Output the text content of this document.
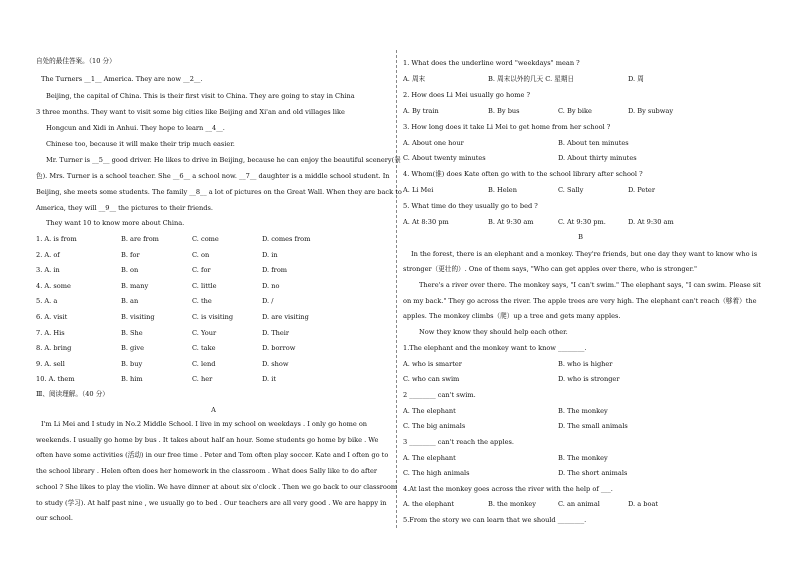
自处的最佳答案。（10 分）
The Turners __1__ America. They are now __2__.
Beijing, the capital of China. This is their first visit to China. They are going to stay in China
3 three months. They want to visit some big cities like Beijing and Xi'an and old villages like
Hongcun and Xidi in Anhui. They hope to learn __4__.
Chinese too, because it will make their trip much easier.
Mr. Turner is __5__ good driver. He likes to drive in Beijing, because he can enjoy the beautiful scenery(景
色). Mrs. Turner is a school teacher. She __6__ a school now. __7__ daughter is a middle school student. In
Beijing, she meets some students. The family __8__ a lot of pictures on the Great Wall. When they are back to
America, they will __9__ the pictures to their friends.
They want 10 to know more about China.
1. A. is from	B. are from	C. come	D. comes from
2. A. of	B. for	C. on	D. in
3. A. in	B. on	C. for	D. from
4. A. some	B. many	C. little	D. no
5. A. a	B. an	C. the	D. /
6. A. visit	B. visiting	C. is visiting	D. are visiting
7. A. His	B. She	C. Your	D. Their
8. A. bring	B. give	C. take	D. borrow
9. A. sell	B. buy	C. lend	D. show
10. A. them	B. him	C. her	D. it
Ⅲ、阅读理解。（40 分）
A
I'm Li Mei and I study in No.2 Middle School. I live in my school on weekdays . I only go home on
weekends. I usually go home by bus . It takes about half an hour. Some students go home by bike . We
often have some activities (活动) in our free time . Peter and Tom often play soccer. Kate and I often go to
the school library . Helen often does her homework in the classroom . What does Sally like to do after
school ? She likes to play the violin. We have dinner at about six o'clock . Then we go back to our classroom
to study (学习). At half past nine , we usually go to bed . Our teachers are all very good . We are happy in
our school.
1. What does the underline word "weekdays" mean ?
A. 周末	B. 周末以外的几天 C. 星期日	D. 周
2. How does Li Mei usually go home ?
A. By train	B. By bus	C. By bike	D. By subway
3. How long does it take Li Mei to get home from her school ?
A. About one hour	B. About ten minutes
C. About twenty minutes	D. About thirty minutes
4. Whom(谁) does Kate often go with to the school library after school ?
A. Li Mei	B. Helen	C. Sally	D. Peter
5. What time do they usually go to bed ?
A. At 8:30 pm	B. At 9:30 am	C. At 9:30 pm.	D. At 9:30 am
B
In the forest, there is an elephant and a monkey. They're friends, but one day they want to know who is
stronger（更壮的）. One of them says, "Who can get apples over there, who is stronger."
There's a river over there. The monkey says, "I can't swim." The elephant says, "I can swim. Please sit
on my back." They go across the river. The apple trees are very high. The elephant can't reach（够着）the
apples. The monkey climbs（爬）up a tree and gets many apples.
Now they know they should help each other.
1.The elephant and the monkey want to know ________.
A. who is smarter	B. who is higher
C. who can swim	D. who is stronger
2 ________ can't swim.
A. The elephant	B. The monkey
C. The big animals	D. The small animals
3 ________ can't reach the apples.
A. The elephant	B. The monkey
C. The high animals	D. The short animals
4.At last the monkey goes across the river with the help of ___.
A. the elephant	B. the monkey	C. an animal	D. a boat
5.From the story we can learn that we should ________.
